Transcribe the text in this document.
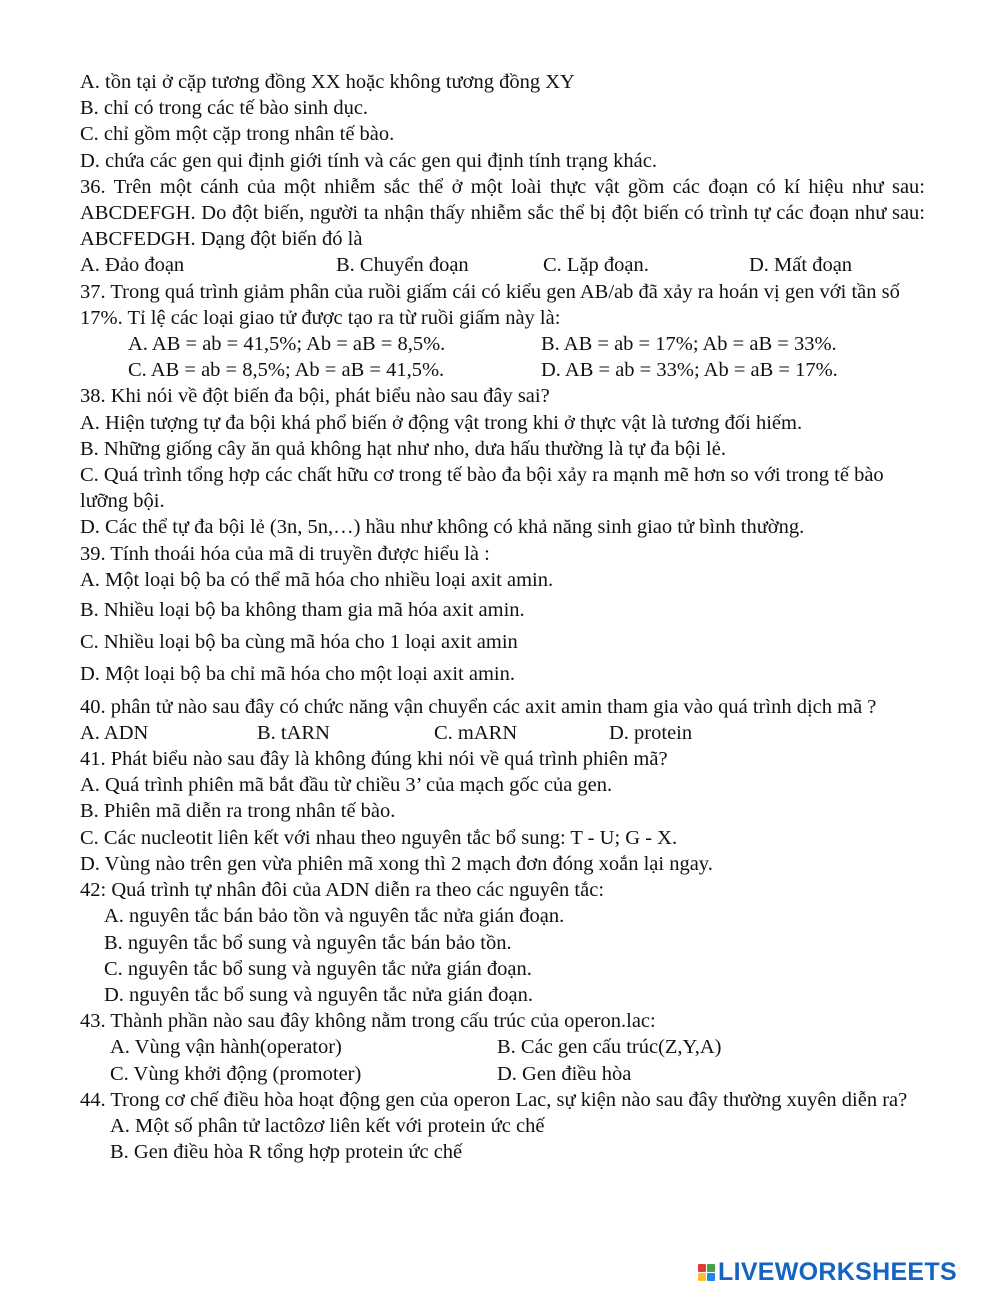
A. tồn tại ở cặp tương đồng XX hoặc không tương đồng XY
B. chỉ có trong các tế bào sinh dục.
C. chỉ gồm một cặp trong nhân tế bào.
D. chứa các gen qui định giới tính và các gen qui định tính trạng khác.
36. Trên một cánh của một nhiễm sắc thể ở một loài thực vật gồm các đoạn có kí hiệu như sau: ABCDEFGH. Do đột biến, người ta nhận thấy nhiễm sắc thể bị đột biến có trình tự các đoạn như sau: ABCFEDGH. Dạng đột biến đó là
A. Đảo đoạn	B. Chuyển đoạn	C. Lặp đoạn.	D. Mất đoạn
37. Trong quá trình giảm phân của ruồi giấm cái có kiểu gen AB/ab đã xảy ra hoán vị gen với tần số 17%. Tỉ lệ các loại giao tử được tạo ra từ ruồi giấm này là:
A. AB = ab = 41,5%; Ab = aB = 8,5%.	B. AB = ab = 17%; Ab = aB = 33%.
C. AB = ab = 8,5%; Ab = aB = 41,5%.	D. AB = ab = 33%; Ab = aB = 17%.
38. Khi nói về đột biến đa bội, phát biểu nào sau đây sai?
A. Hiện tượng tự đa bội khá phổ biến ở động vật trong khi ở thực vật là tương đối hiếm.
B. Những giống cây ăn quả không hạt như nho, dưa hấu thường là tự đa bội lẻ.
C. Quá trình tổng hợp các chất hữu cơ trong tế bào đa bội xảy ra mạnh mẽ hơn so với trong tế bào lưỡng bội.
D. Các thể tự đa bội lẻ (3n, 5n,…) hầu như không có khả năng sinh giao tử bình thường.
39. Tính thoái hóa của mã di truyền được hiểu là :
A. Một loại bộ ba có thể mã hóa cho nhiều loại axit amin.
B. Nhiều loại bộ ba không tham gia mã hóa axit amin.
C. Nhiều loại bộ ba cùng mã hóa cho 1 loại axit amin
D. Một loại bộ ba chỉ mã hóa cho một loại axit amin.
40. phân tử nào sau đây có chức năng vận chuyển các axit amin tham gia vào quá trình dịch mã ?
A. ADN	B. tARN	C. mARN	D. protein
41. Phát biểu nào sau đây là không đúng khi nói về quá trình phiên mã?
A. Quá trình phiên mã bắt đầu từ chiều 3’ của mạch gốc của gen.
B. Phiên mã diễn ra trong nhân tế bào.
C. Các nucleotit liên kết với nhau theo nguyên tắc bổ sung: T - U; G - X.
D. Vùng nào trên gen vừa phiên mã xong thì 2 mạch đơn đóng xoắn lại ngay.
42: Quá trình tự nhân đôi của ADN diễn ra theo các nguyên tắc:
A. nguyên tắc bán bảo tồn và nguyên tắc nửa gián đoạn.
B. nguyên tắc bổ sung và nguyên tắc bán bảo tồn.
C. nguyên tắc bổ sung và nguyên tắc nửa gián đoạn.
D. nguyên tắc bổ sung và nguyên tắc nửa gián đoạn.
43. Thành phần nào sau đây không nằm trong cấu trúc của operon.lac:
A. Vùng vận hành(operator)	B. Các gen cấu trúc(Z,Y,A)
C. Vùng khởi động (promoter)	D. Gen điều hòa
44. Trong cơ chế điều hòa hoạt động gen của operon Lac, sự kiện nào sau đây thường xuyên diễn ra?
A. Một số phân tử lactôzơ liên kết với protein ức chế
B. Gen điều hòa R tổng hợp protein ức chế
LIVEWORKSHEETS
